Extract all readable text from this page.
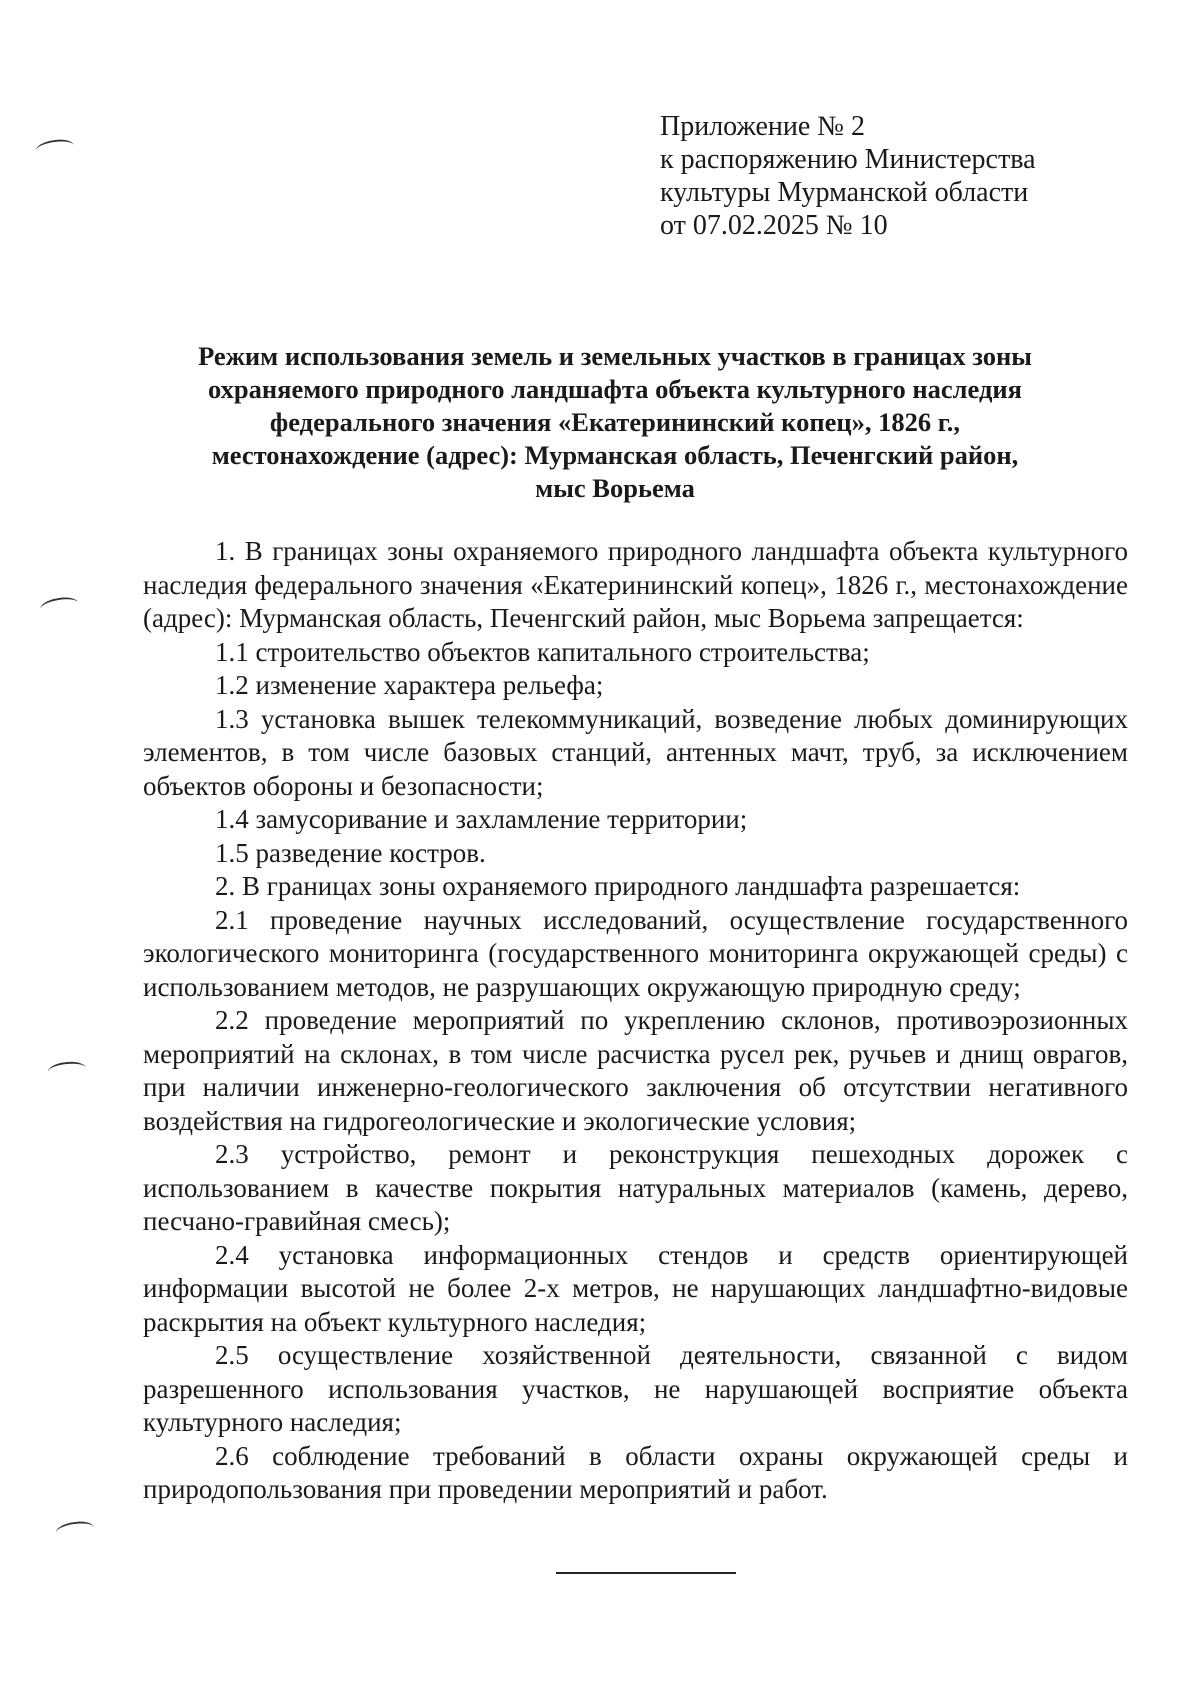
Приложение № 2
к распоряжению Министерства
культуры Мурманской области
от 07.02.2025 № 10
Режим использования земель и земельных участков в границах зоны
охраняемого природного ландшафта объекта культурного наследия
федерального значения «Екатерининский копец», 1826 г.,
местонахождение (адрес): Мурманская область, Печенгский район,
мыс Ворьема

1. В границах зоны охраняемого природного ландшафта объекта культурного наследия федерального значения «Екатерининский копец», 1826 г., местонахождение (адрес): Мурманская область, Печенгский район, мыс Ворьема запрещается:

1.1 строительство объектов капитального строительства;

1.2 изменение характера рельефа;

1.3 установка вышек телекоммуникаций, возведение любых доминирующих элементов, в том числе базовых станций, антенных мачт, труб, за исключением объектов обороны и безопасности;

1.4 замусоривание и захламление территории;

1.5 разведение костров.

2. В границах зоны охраняемого природного ландшафта разрешается:

2.1 проведение научных исследований, осуществление государственного экологического мониторинга (государственного мониторинга окружающей среды) с использованием методов, не разрушающих окружающую природную среду;

2.2 проведение мероприятий по укреплению склонов, противоэрозионных мероприятий на склонах, в том числе расчистка русел рек, ручьев и днищ оврагов, при наличии инженерно-геологического заключения об отсутствии негативного воздействия на гидрогеологические и экологические условия;

2.3 устройство, ремонт и реконструкция пешеходных дорожек с использованием в качестве покрытия натуральных материалов (камень, дерево, песчано-гравийная смесь);

2.4 установка информационных стендов и средств ориентирующей информации высотой не более 2-х метров, не нарушающих ландшафтно-видовые раскрытия на объект культурного наследия;

2.5 осуществление хозяйственной деятельности, связанной с видом разрешенного использования участков, не нарушающей восприятие объекта культурного наследия;

2.6 соблюдение требований в области охраны окружающей среды и природопользования при проведении мероприятий и работ.
